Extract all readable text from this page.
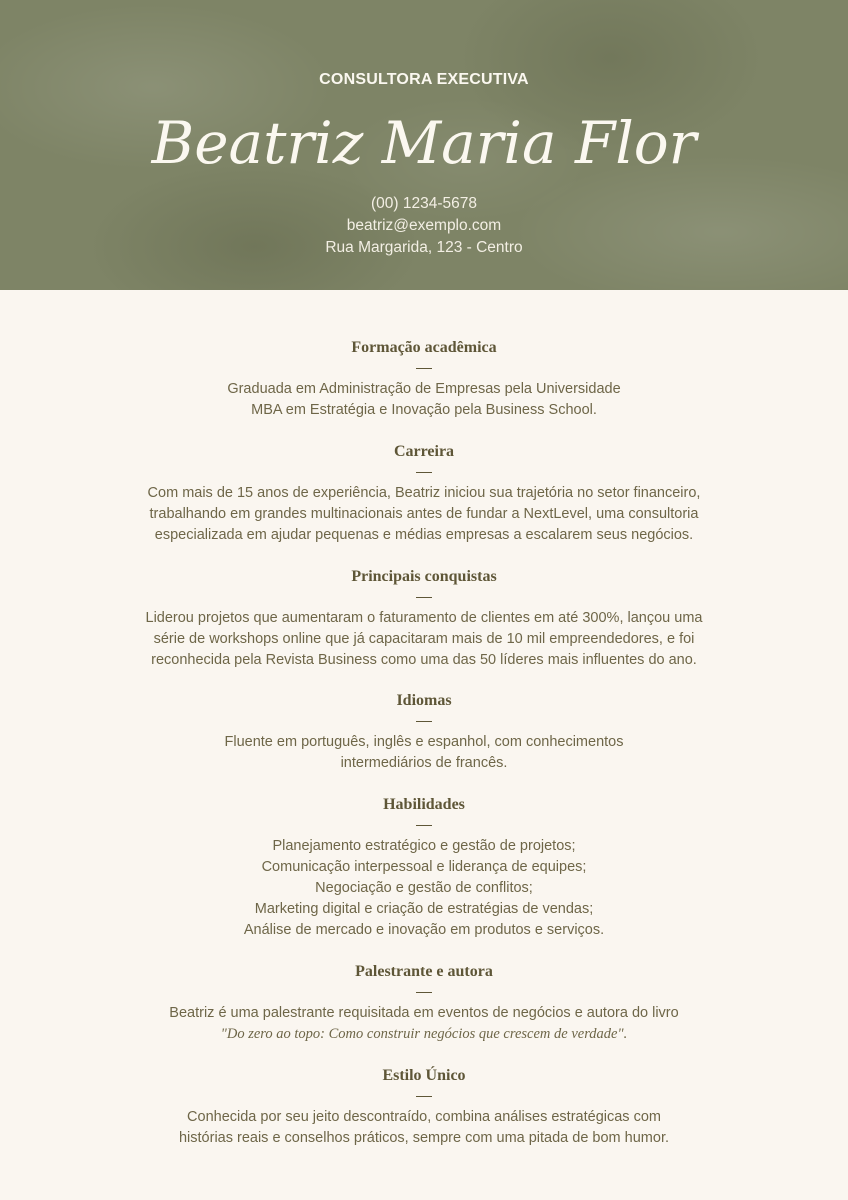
CONSULTORA EXECUTIVA
Beatriz Maria Flor
(00) 1234-5678
beatriz@exemplo.com
Rua Margarida, 123 - Centro
Formação acadêmica

Graduada em Administração de Empresas pela Universidade
MBA em Estratégia e Inovação pela Business School.

Carreira

Com mais de 15 anos de experiência, Beatriz iniciou sua trajetória no setor financeiro,
trabalhando em grandes multinacionais antes de fundar a NextLevel, uma consultoria
especializada em ajudar pequenas e médias empresas a escalarem seus negócios.

Principais conquistas

Liderou projetos que aumentaram o faturamento de clientes em até 300%, lançou uma
série de workshops online que já capacitaram mais de 10 mil empreendedores, e foi
reconhecida pela Revista Business como uma das 50 líderes mais influentes do ano.

Idiomas

Fluente em português, inglês e espanhol, com conhecimentos
intermediários de francês.

Habilidades

Planejamento estratégico e gestão de projetos;
Comunicação interpessoal e liderança de equipes;
Negociação e gestão de conflitos;
Marketing digital e criação de estratégias de vendas;
Análise de mercado e inovação em produtos e serviços.

Palestrante e autora

Beatriz é uma palestrante requisitada em eventos de negócios e autora do livro
"Do zero ao topo: Como construir negócios que crescem de verdade".

Estilo Único

Conhecida por seu jeito descontraído, combina análises estratégicas com
histórias reais e conselhos práticos, sempre com uma pitada de bom humor.
